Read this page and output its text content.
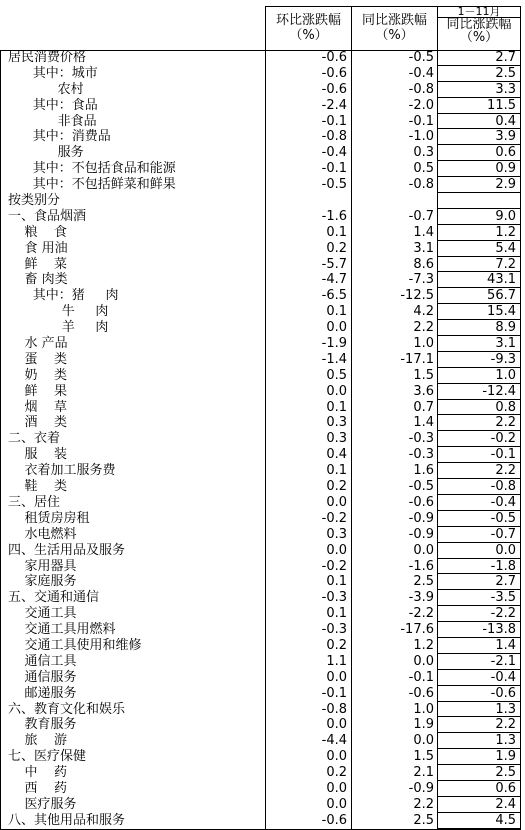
环比涨跌幅
（%）
同比涨跌幅
（%）
1－11月
同比涨跌幅
（%）
居民消费价格	-0.6	-0.5	2.7
其中：城市	-0.6	-0.4	2.5
农村	-0.6	-0.8	3.3
其中：食品	-2.4	-2.0	11.5
非食品	-0.1	-0.1	0.4
其中：消费品	-0.8	-1.0	3.9
服务	-0.4	0.3	0.6
其中：不包括食品和能源	-0.1	0.5	0.9
其中：不包括鲜菜和鲜果	-0.5	-0.8	2.9
按类别分
一、食品烟酒	-1.6	-0.7	9.0
粮    食	0.1	1.4	1.2
食 用油	0.2	3.1	5.4
鲜    菜	-5.7	8.6	7.2
畜 肉类	-4.7	-7.3	43.1
其中：猪     肉	-6.5	-12.5	56.7
牛     肉	0.1	4.2	15.4
羊     肉	0.0	2.2	8.9
水 产品	-1.9	1.0	3.1
蛋    类	-1.4	-17.1	-9.3
奶    类	0.5	1.5	1.0
鲜    果	0.0	3.6	-12.4
烟    草	0.1	0.7	0.8
酒    类	0.3	1.4	2.2
二、衣着	0.3	-0.3	-0.2
服    装	0.4	-0.3	-0.1
衣着加工服务费	0.1	1.6	2.2
鞋    类	0.2	-0.5	-0.8
三、居住	0.0	-0.6	-0.4
租赁房房租	-0.2	-0.9	-0.5
水电燃料	0.3	-0.9	-0.7
四、生活用品及服务	0.0	0.0	0.0
家用器具	-0.2	-1.6	-1.8
家庭服务	0.1	2.5	2.7
五、交通和通信	-0.3	-3.9	-3.5
交通工具	0.1	-2.2	-2.2
交通工具用燃料	-0.3	-17.6	-13.8
交通工具使用和维修	0.2	1.2	1.4
通信工具	1.1	0.0	-2.1
通信服务	0.0	-0.1	-0.4
邮递服务	-0.1	-0.6	-0.6
六、教育文化和娱乐	-0.8	1.0	1.3
教育服务	0.0	1.9	2.2
旅    游	-4.4	0.0	1.3
七、医疗保健	0.0	1.5	1.9
中    药	0.2	2.1	2.5
西    药	0.0	-0.9	0.6
医疗服务	0.0	2.2	2.4
八、其他用品和服务	-0.6	2.5	4.5
